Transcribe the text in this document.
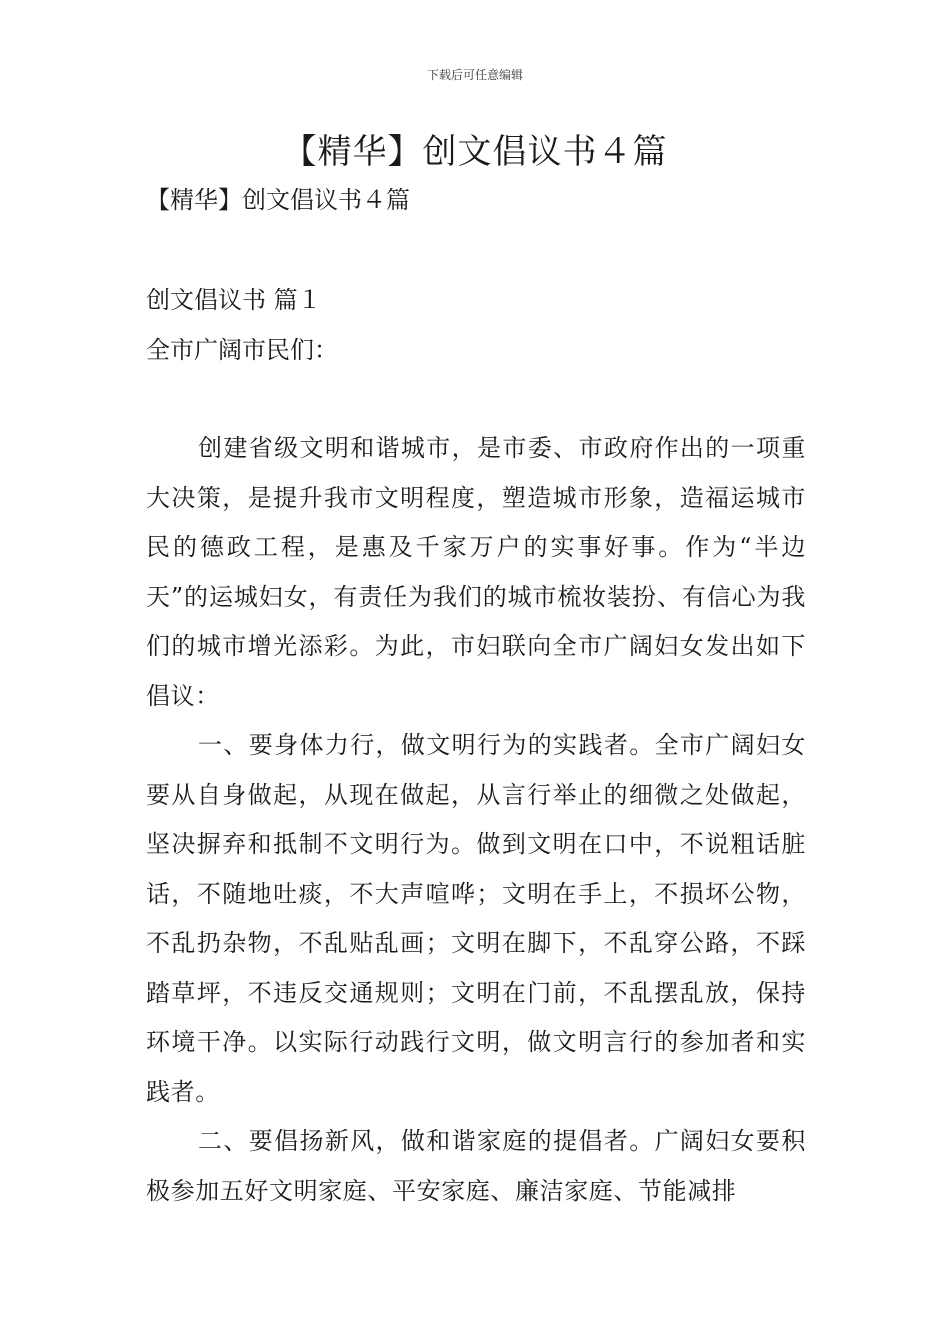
下载后可任意编辑
【精华】创文倡议书４篇
【精华】创文倡议书４篇
创文倡议书 篇１
全市广阔市民们：

创建省级文明和谐城市，是市委、市政府作出的一项重大决策，是提升我市文明程度，塑造城市形象，造福运城市民的德政工程，是惠及千家万户的实事好事。作为“半边天”的运城妇女，有责任为我们的城市梳妆装扮、有信心为我们的城市增光添彩。为此，市妇联向全市广阔妇女发出如下倡议：

一、要身体力行，做文明行为的实践者。全市广阔妇女要从自身做起，从现在做起，从言行举止的细微之处做起，坚决摒弃和抵制不文明行为。做到文明在口中，不说粗话脏话，不随地吐痰，不大声喧哗；文明在手上，不损坏公物，不乱扔杂物，不乱贴乱画；文明在脚下，不乱穿公路，不踩踏草坪，不违反交通规则；文明在门前，不乱摆乱放，保持环境干净。以实际行动践行文明，做文明言行的参加者和实践者。

二、要倡扬新风，做和谐家庭的提倡者。广阔妇女要积极参加五好文明家庭、平安家庭、廉洁家庭、节能减排
